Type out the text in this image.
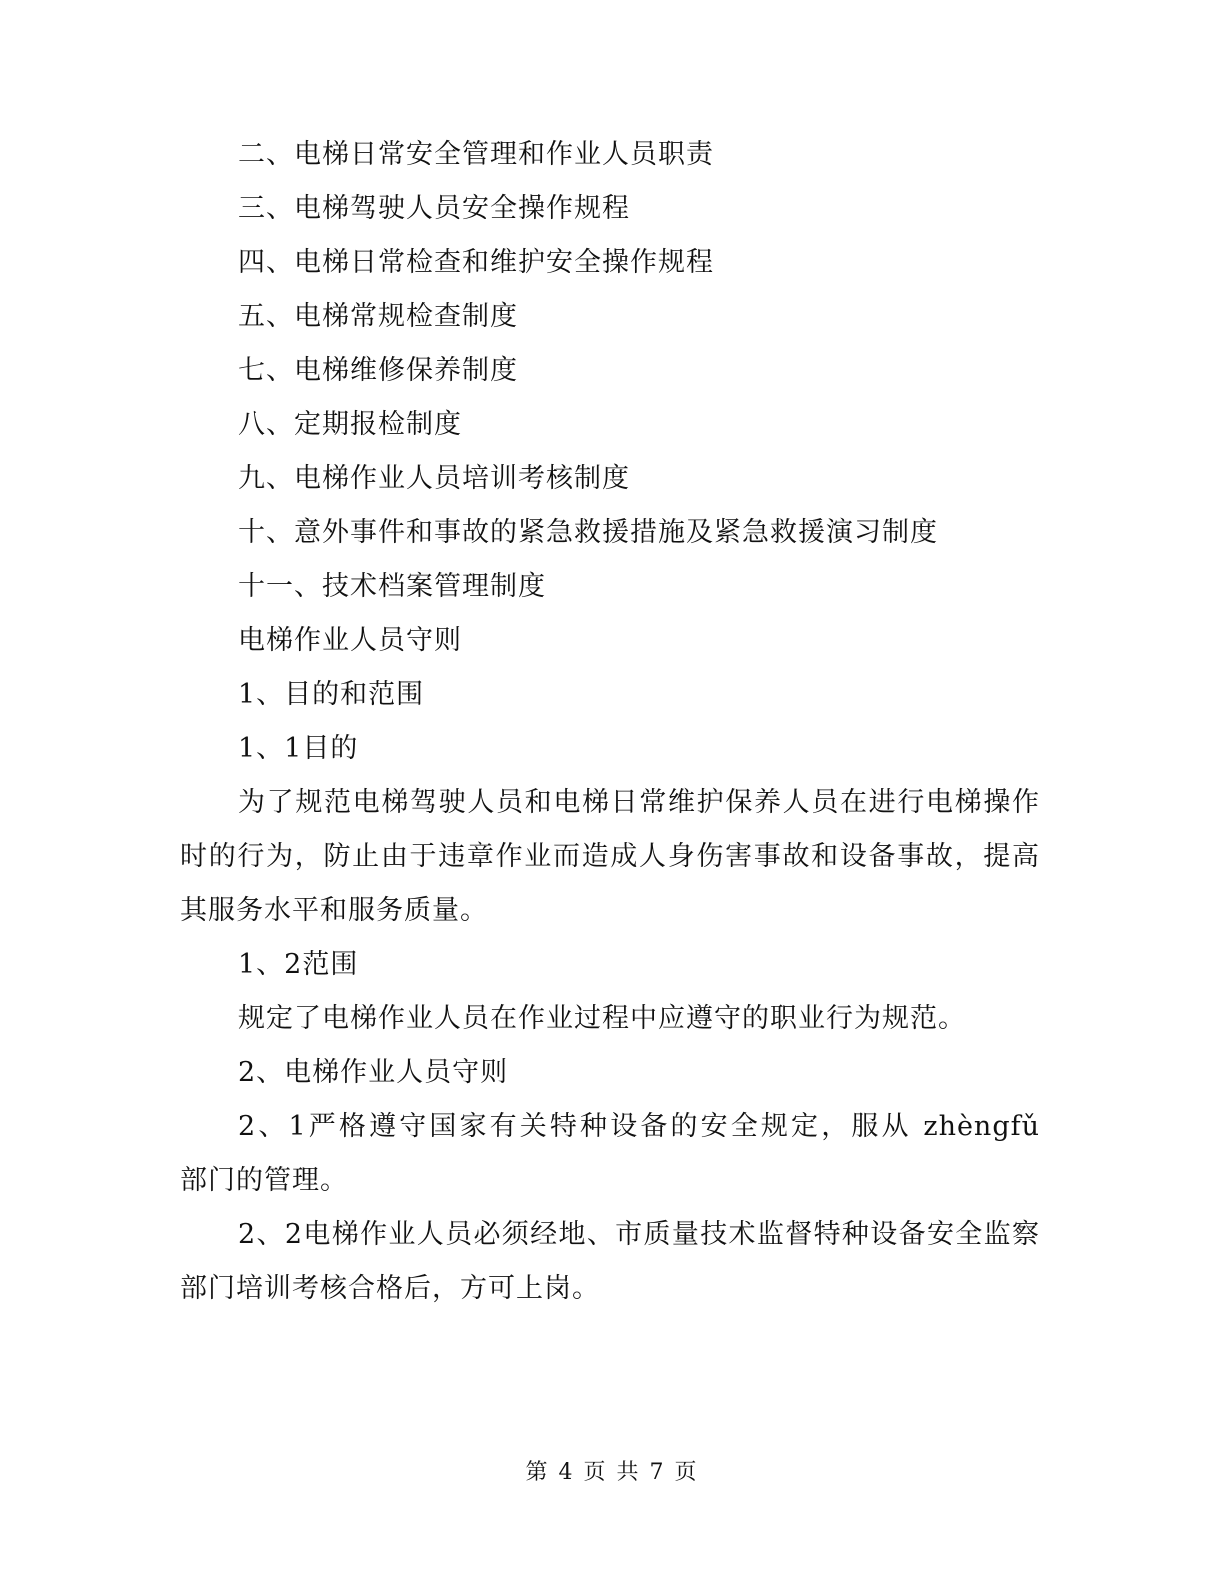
二、电梯日常安全管理和作业人员职责
三、电梯驾驶人员安全操作规程
四、电梯日常检查和维护安全操作规程
五、电梯常规检查制度
七、电梯维修保养制度
八、定期报检制度
九、电梯作业人员培训考核制度
十、意外事件和事故的紧急救援措施及紧急救援演习制度
十一、技术档案管理制度
电梯作业人员守则
1、目的和范围
1、1目的
为了规范电梯驾驶人员和电梯日常维护保养人员在进行电梯操作时的行为，防止由于违章作业而造成人身伤害事故和设备事故，提高其服务水平和服务质量。
1、2范围
规定了电梯作业人员在作业过程中应遵守的职业行为规范。
2、电梯作业人员守则
2、1严格遵守国家有关特种设备的安全规定，服从 zhèngfǔ　部门的管理。
2、2电梯作业人员必须经地、市质量技术监督特种设备安全监察部门培训考核合格后，方可上岗。
第 4 页 共 7 页
